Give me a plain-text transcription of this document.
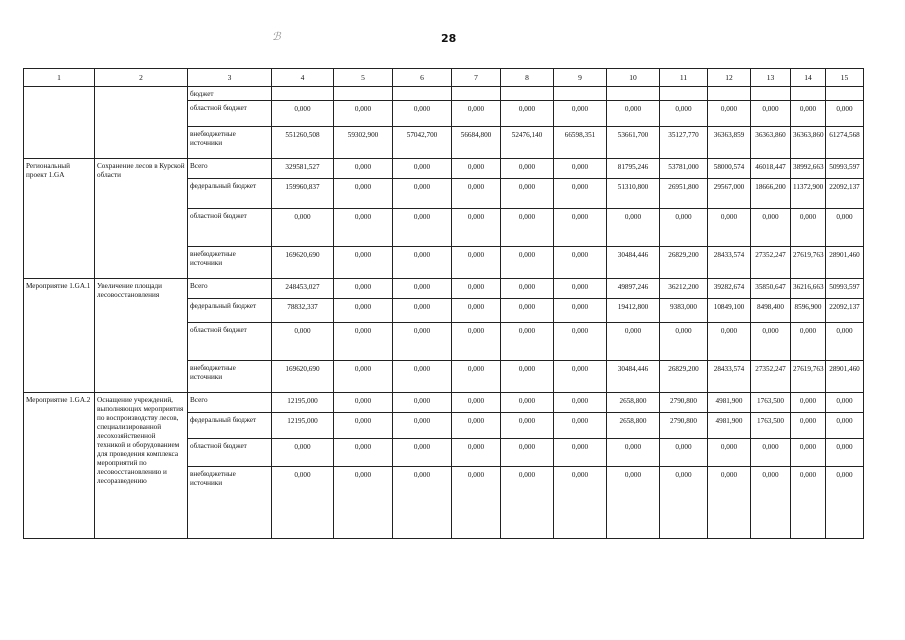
ℬ	28
1	2	3	4	5	6	7	8	9	10	11	12	13	14	15
		бюджет												
		областной бюджет	0,000	0,000	0,000	0,000	0,000	0,000	0,000	0,000	0,000	0,000	0,000	0,000
		внебюджетные источники	551260,508	59302,900	57042,700	56684,800	52476,140	66598,351	53661,700	35127,770	36363,859	36363,860	36363,860	61274,568
Региональный проект 1.GA	Сохранение лесов в Курской области	Всего	329581,527	0,000	0,000	0,000	0,000	0,000	81795,246	53781,000	58000,574	46018,447	38992,663	50993,597
		федеральный бюджет	159960,837	0,000	0,000	0,000	0,000	0,000	51310,800	26951,800	29567,000	18666,200	11372,900	22092,137
		областной бюджет	0,000	0,000	0,000	0,000	0,000	0,000	0,000	0,000	0,000	0,000	0,000	0,000
		внебюджетные источники	169620,690	0,000	0,000	0,000	0,000	0,000	30484,446	26829,200	28433,574	27352,247	27619,763	28901,460
Мероприятие 1.GA.1	Увеличение площади лесовосстановления	Всего	248453,027	0,000	0,000	0,000	0,000	0,000	49897,246	36212,200	39282,674	35850,647	36216,663	50993,597
		федеральный бюджет	78832,337	0,000	0,000	0,000	0,000	0,000	19412,800	9383,000	10849,100	8498,400	8596,900	22092,137
		областной бюджет	0,000	0,000	0,000	0,000	0,000	0,000	0,000	0,000	0,000	0,000	0,000	0,000
		внебюджетные источники	169620,690	0,000	0,000	0,000	0,000	0,000	30484,446	26829,200	28433,574	27352,247	27619,763	28901,460
Мероприятие 1.GA.2	Оснащение учреждений, выполняющих мероприятия по воспроизводству лесов, специализированной лесохозяйственной техникой и оборудованием для проведения комплекса мероприятий по лесовосстановлению и лесоразведению	Всего	12195,000	0,000	0,000	0,000	0,000	0,000	2658,800	2790,800	4981,900	1763,500	0,000	0,000
		федеральный бюджет	12195,000	0,000	0,000	0,000	0,000	0,000	2658,800	2790,800	4981,900	1763,500	0,000	0,000
		областной бюджет	0,000	0,000	0,000	0,000	0,000	0,000	0,000	0,000	0,000	0,000	0,000	0,000
		внебюджетные источники	0,000	0,000	0,000	0,000	0,000	0,000	0,000	0,000	0,000	0,000	0,000	0,000
